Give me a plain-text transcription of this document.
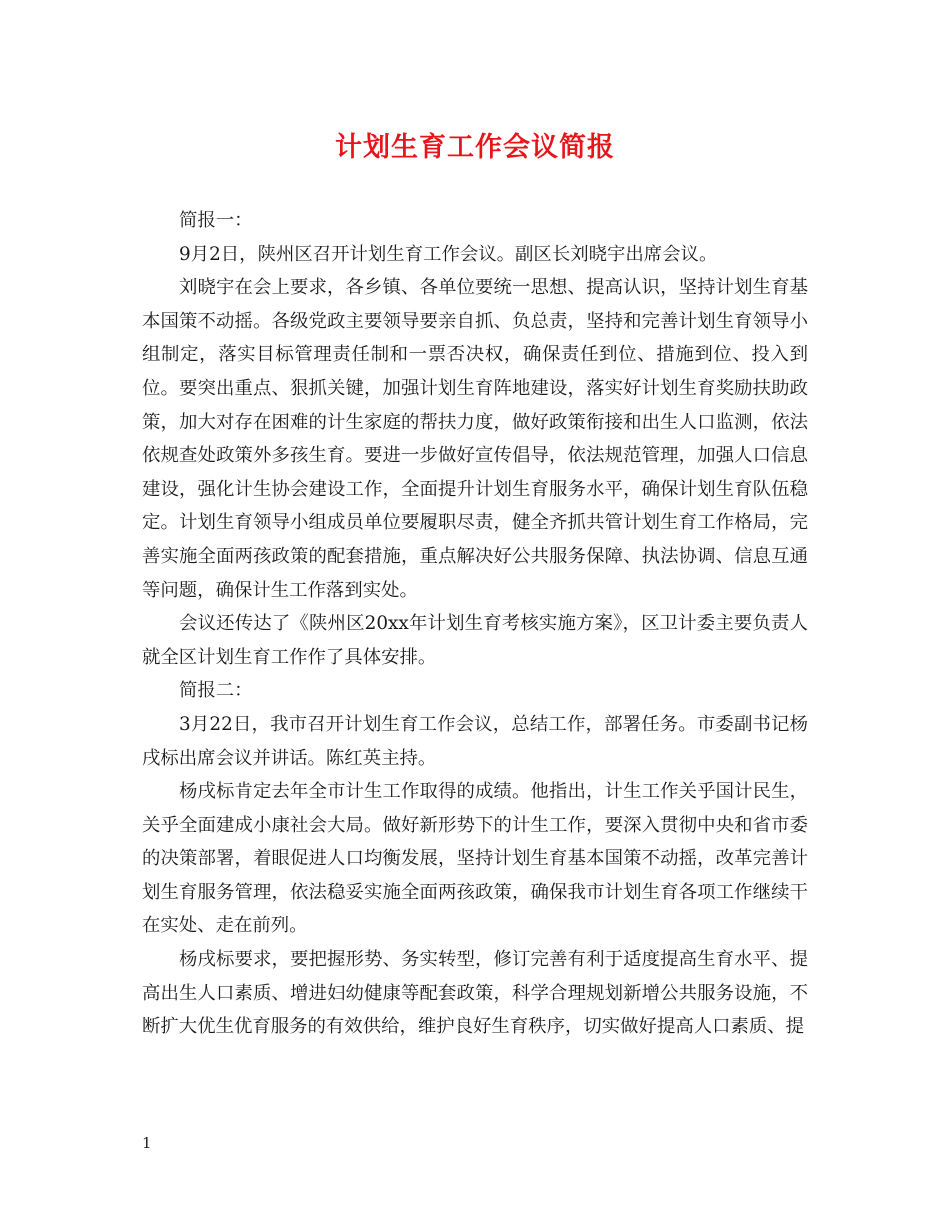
计划生育工作会议简报

简报一：

9月2日，陕州区召开计划生育工作会议。副区长刘晓宇出席会议。

刘晓宇在会上要求，各乡镇、各单位要统一思想、提高认识，坚持计划生育基本国策不动摇。各级党政主要领导要亲自抓、负总责，坚持和完善计划生育领导小组制定，落实目标管理责任制和一票否决权，确保责任到位、措施到位、投入到位。要突出重点、狠抓关键，加强计划生育阵地建设，落实好计划生育奖励扶助政策，加大对存在困难的计生家庭的帮扶力度，做好政策衔接和出生人口监测，依法依规查处政策外多孩生育。要进一步做好宣传倡导，依法规范管理，加强人口信息建设，强化计生协会建设工作，全面提升计划生育服务水平，确保计划生育队伍稳定。计划生育领导小组成员单位要履职尽责，健全齐抓共管计划生育工作格局，完善实施全面两孩政策的配套措施，重点解决好公共服务保障、执法协调、信息互通等问题，确保计生工作落到实处。

会议还传达了《陕州区20xx年计划生育考核实施方案》，区卫计委主要负责人就全区计划生育工作作了具体安排。

简报二：

3月22日，我市召开计划生育工作会议，总结工作，部署任务。市委副书记杨戌标出席会议并讲话。陈红英主持。

杨戌标肯定去年全市计生工作取得的成绩。他指出，计生工作关乎国计民生，关乎全面建成小康社会大局。做好新形势下的计生工作，要深入贯彻中央和省市委的决策部署，着眼促进人口均衡发展，坚持计划生育基本国策不动摇，改革完善计划生育服务管理，依法稳妥实施全面两孩政策，确保我市计划生育各项工作继续干在实处、走在前列。

杨戌标要求，要把握形势、务实转型，修订完善有利于适度提高生育水平、提高出生人口素质、增进妇幼健康等配套政策，科学合理规划新增公共服务设施，不断扩大优生优育服务的有效供给，维护良好生育秩序，切实做好提高人口素质、提

1
